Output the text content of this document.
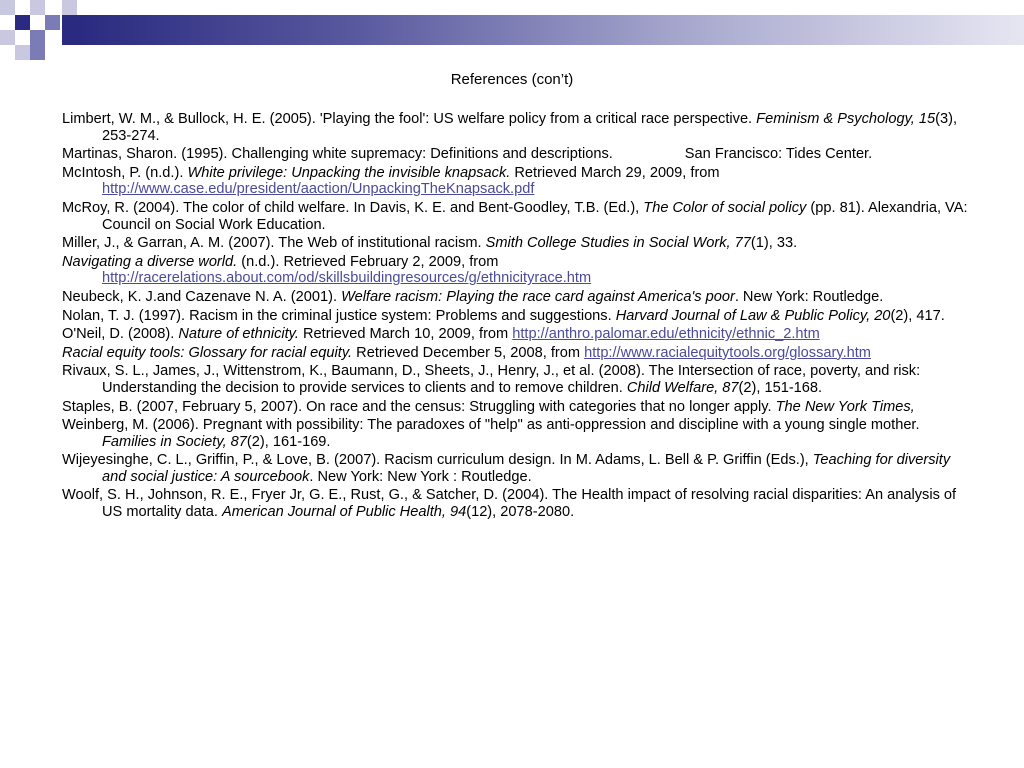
References (con’t)

Limbert, W. M., & Bullock, H. E. (2005). 'Playing the fool': US welfare policy from a critical race perspective. Feminism & Psychology, 15(3), 253-274.

Martinas, Sharon. (1995). Challenging white supremacy: Definitions and descriptions.	San Francisco: Tides Center.

McIntosh, P. (n.d.). White privilege: Unpacking the invisible knapsack. Retrieved March 29, 2009, from http://www.case.edu/president/aaction/UnpackingTheKnapsack.pdf

McRoy, R. (2004). The color of child welfare. In Davis, K. E. and Bent-Goodley, T.B. (Ed.), The Color of social policy (pp. 81). Alexandria, VA: Council on Social Work Education.

Miller, J., & Garran, A. M. (2007). The Web of institutional racism. Smith College Studies in Social Work, 77(1), 33.

Navigating a diverse world. (n.d.). Retrieved February 2, 2009, from http://racerelations.about.com/od/skillsbuildingresources/g/ethnicityrace.htm

Neubeck, K. J.and Cazenave N. A. (2001). Welfare racism: Playing the race card against America's poor. New York: Routledge.

Nolan, T. J. (1997). Racism in the criminal justice system: Problems and suggestions. Harvard Journal of Law & Public Policy, 20(2), 417.

O'Neil, D. (2008). Nature of ethnicity. Retrieved March 10, 2009, from http://anthro.palomar.edu/ethnicity/ethnic_2.htm

Racial equity tools: Glossary for racial equity. Retrieved December 5, 2008, from http://www.racialequitytools.org/glossary.htm

Rivaux, S. L., James, J., Wittenstrom, K., Baumann, D., Sheets, J., Henry, J., et al. (2008). The Intersection of race, poverty, and risk: Understanding the decision to provide services to clients and to remove children. Child Welfare, 87(2), 151-168.

Staples, B. (2007, February 5, 2007). On race and the census: Struggling with categories that no longer apply. The New York Times,

Weinberg, M. (2006). Pregnant with possibility: The paradoxes of "help" as anti-oppression and discipline with a young single mother. Families in Society, 87(2), 161-169.

Wijeyesinghe, C. L., Griffin, P., & Love, B. (2007). Racism curriculum design. In M. Adams, L. Bell & P. Griffin (Eds.), Teaching for diversity and social justice: A sourcebook. New York: New York : Routledge.

Woolf, S. H., Johnson, R. E., Fryer Jr, G. E., Rust, G., & Satcher, D. (2004). The Health impact of resolving racial disparities: An analysis of US mortality data. American Journal of Public Health, 94(12), 2078-2080.
